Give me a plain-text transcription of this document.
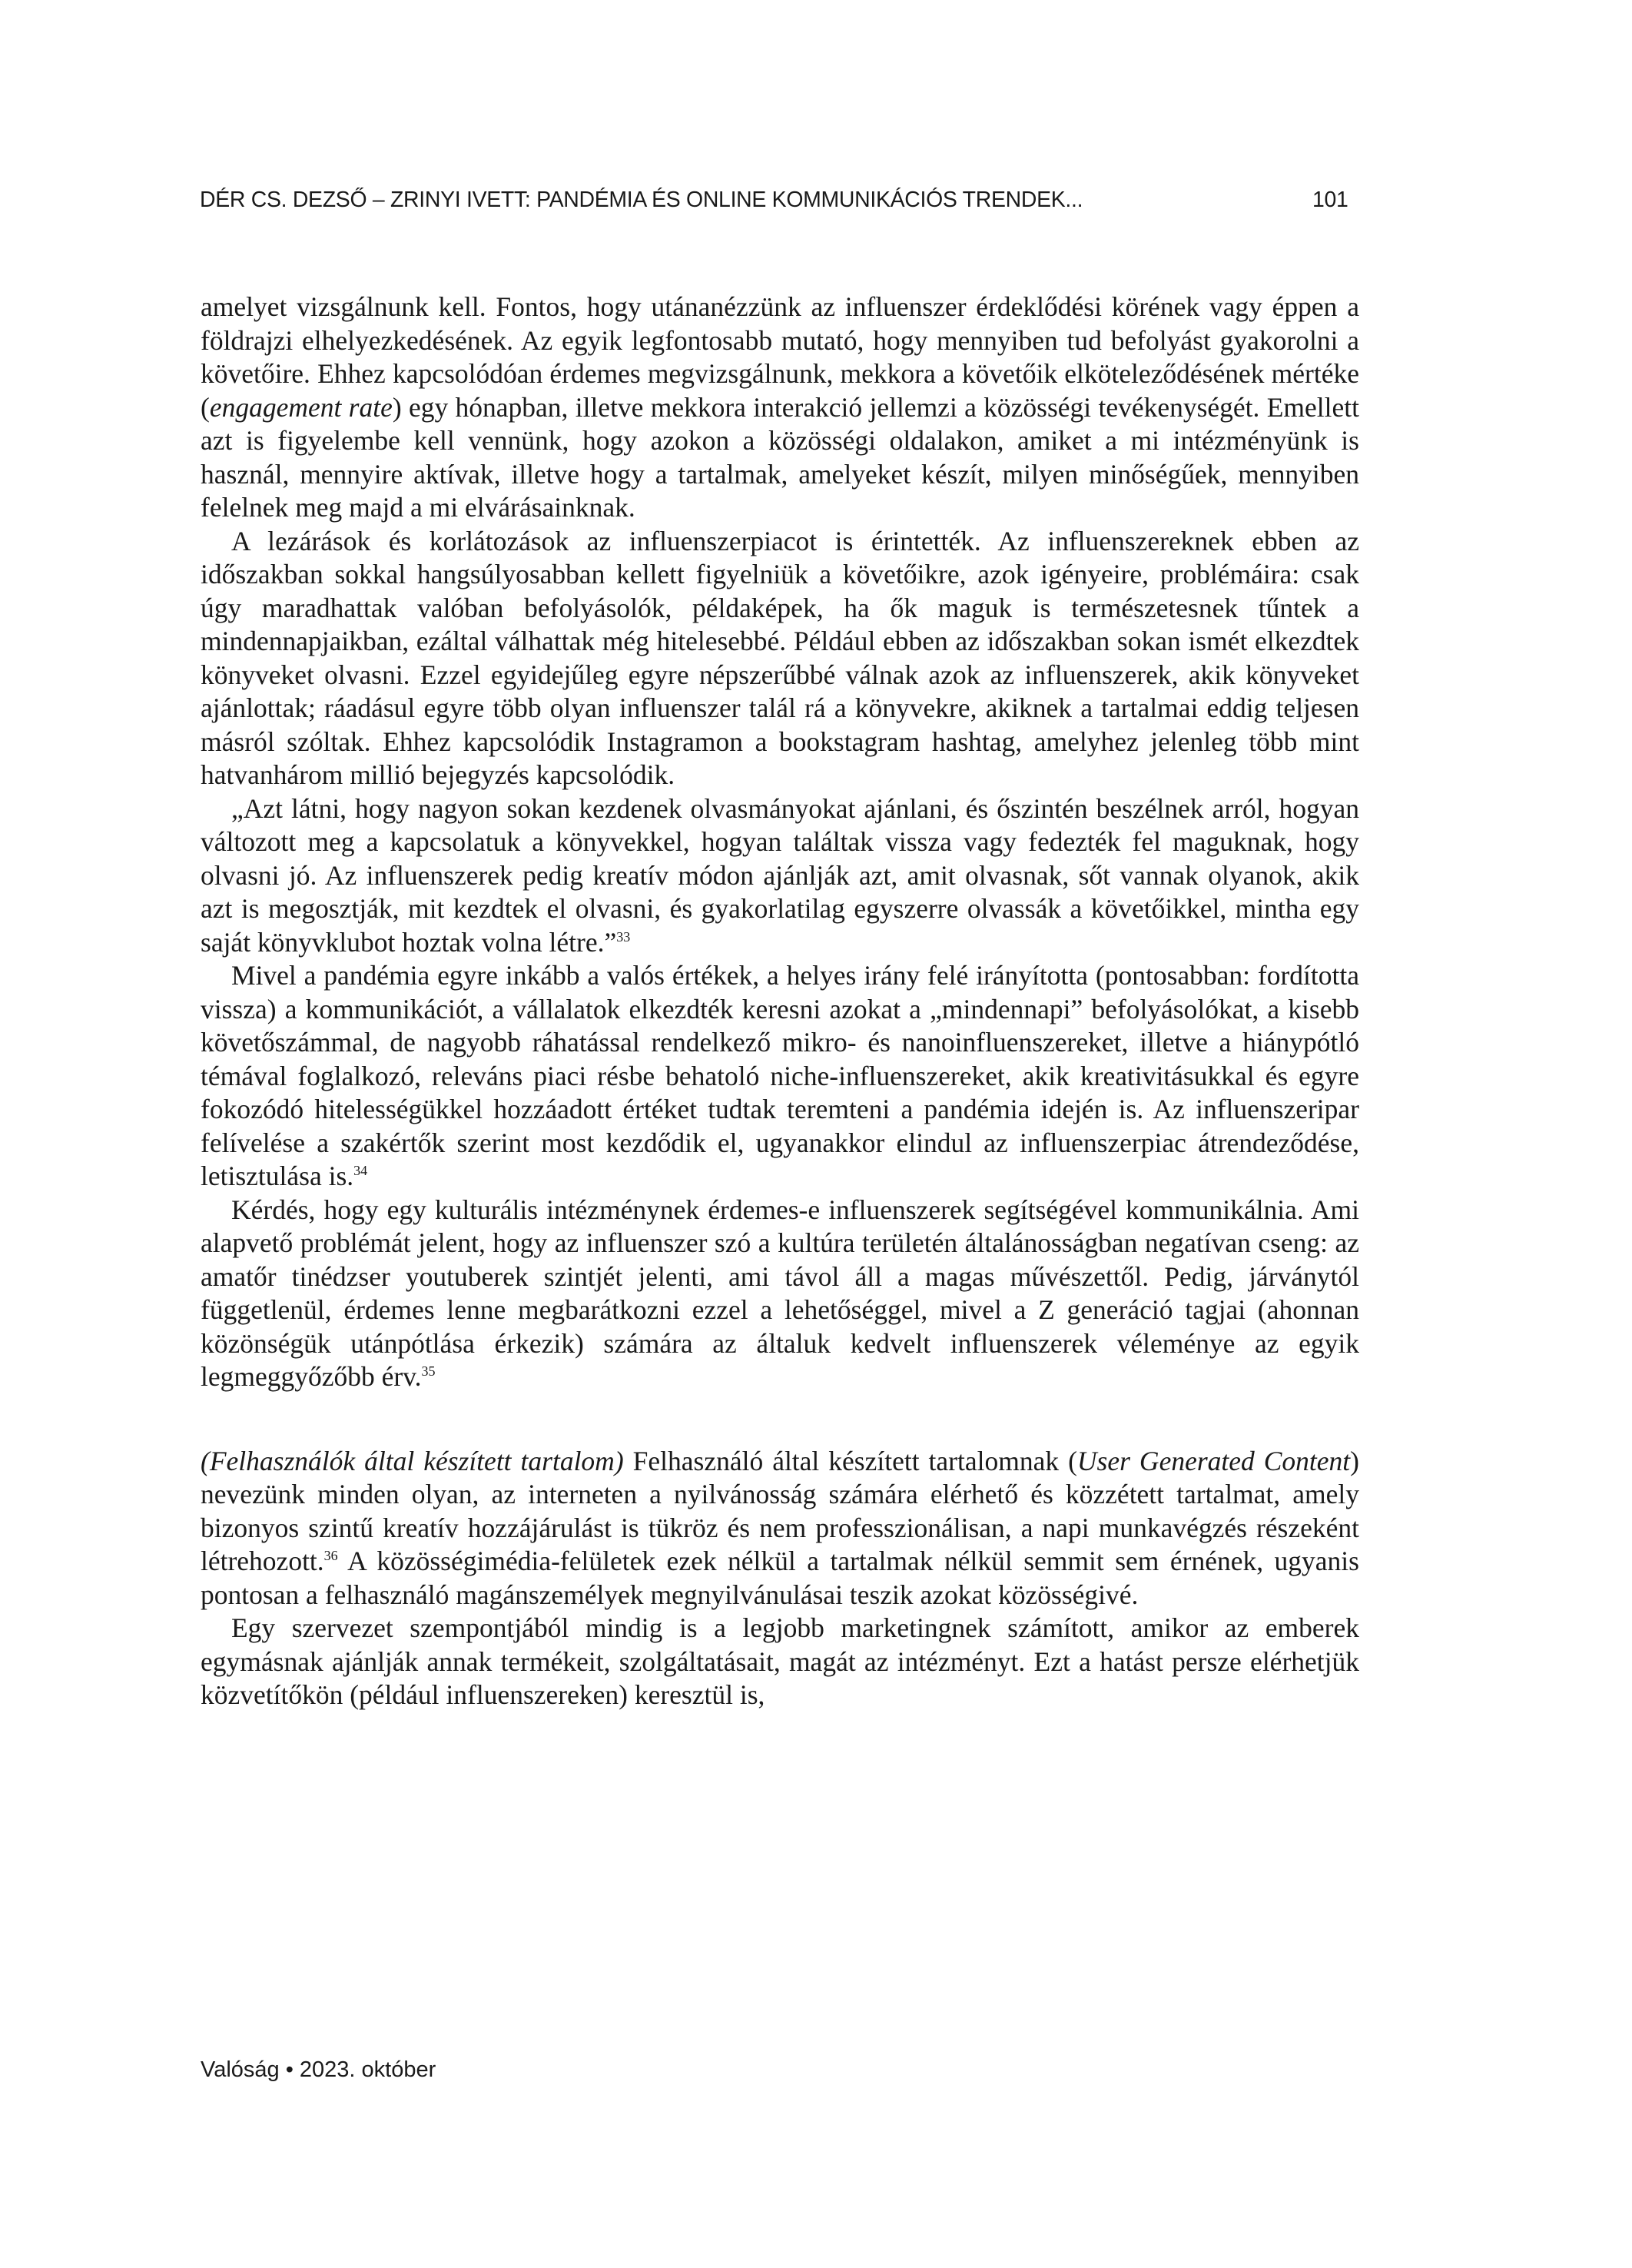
DÉR CS. DEZSŐ – ZRINYI IVETT: PANDÉMIA ÉS ONLINE KOMMUNIKÁCIÓS TRENDEK...	101

amelyet vizsgálnunk kell. Fontos, hogy utánanézzünk az influenszer érdeklődési körének vagy éppen a földrajzi elhelyezkedésének. Az egyik legfontosabb mutató, hogy mennyiben tud befolyást gyakorolni a követőire. Ehhez kapcsolódóan érdemes megvizsgálnunk, mekkora a követőik elköteleződésének mértéke (engagement rate) egy hónapban, illetve mekkora interakció jellemzi a közösségi tevékenységét. Emellett azt is figyelembe kell vennünk, hogy azokon a közösségi oldalakon, amiket a mi intézményünk is használ, mennyire aktívak, illetve hogy a tartalmak, amelyeket készít, milyen minőségűek, mennyiben felelnek meg majd a mi elvárásainknak.

A lezárások és korlátozások az influenszerpiacot is érintették. Az influenszereknek ebben az időszakban sokkal hangsúlyosabban kellett figyelniük a követőikre, azok igényeire, problémáira: csak úgy maradhattak valóban befolyásolók, példaképek, ha ők maguk is természetesnek tűntek a mindennapjaikban, ezáltal válhattak még hitelesebbé. Például ebben az időszakban sokan ismét elkezdtek könyveket olvasni. Ezzel egyidejűleg egyre népszerűbbé válnak azok az influenszerek, akik könyveket ajánlottak; ráadásul egyre több olyan influenszer talál rá a könyvekre, akiknek a tartalmai eddig teljesen másról szóltak. Ehhez kapcsolódik Instagramon a bookstagram hashtag, amelyhez jelenleg több mint hatvanhárom millió bejegyzés kapcsolódik.

„Azt látni, hogy nagyon sokan kezdenek olvasmányokat ajánlani, és őszintén beszélnek arról, hogyan változott meg a kapcsolatuk a könyvekkel, hogyan találtak vissza vagy fedezték fel maguknak, hogy olvasni jó. Az influenszerek pedig kreatív módon ajánlják azt, amit olvasnak, sőt vannak olyanok, akik azt is megosztják, mit kezdtek el olvasni, és gyakorlatilag egyszerre olvassák a követőikkel, mintha egy saját könyvklubot hoztak volna létre.”$^{33}$

Mivel a pandémia egyre inkább a valós értékek, a helyes irány felé irányította (pontosabban: fordította vissza) a kommunikációt, a vállalatok elkezdték keresni azokat a „mindennapi” befolyásolókat, a kisebb követőszámmal, de nagyobb ráhatással rendelkező mikro- és nanoinfluenszereket, illetve a hiánypótló témával foglalkozó, releváns piaci résbe behatoló niche-influenszereket, akik kreativitásukkal és egyre fokozódó hitelességükkel hozzáadott értéket tudtak teremteni a pandémia idején is. Az influenszeripar felívelése a szakértők szerint most kezdődik el, ugyanakkor elindul az influenszerpiac átrendeződése, letisztulása is.$^{34}$

Kérdés, hogy egy kulturális intézménynek érdemes-e influenszerek segítségével kommunikálnia. Ami alapvető problémát jelent, hogy az influenszer szó a kultúra területén általánosságban negatívan cseng: az amatőr tinédzser youtuberek szintjét jelenti, ami távol áll a magas művészettől. Pedig, járványtól függetlenül, érdemes lenne megbarátkozni ezzel a lehetőséggel, mivel a Z generáció tagjai (ahonnan közönségük utánpótlása érkezik) számára az általuk kedvelt influenszerek véleménye az egyik legmeggyőzőbb érv.$^{35}$

(Felhasználók által készített tartalom) Felhasználó által készített tartalomnak (User Generated Content) nevezünk minden olyan, az interneten a nyilvánosság számára elérhető és közzétett tartalmat, amely bizonyos szintű kreatív hozzájárulást is tükröz és nem professzionálisan, a napi munkavégzés részeként létrehozott.$^{36}$ A közösségimédia-felületek ezek nélkül a tartalmak nélkül semmit sem érnének, ugyanis pontosan a felhasználó magánszemélyek megnyilvánulásai teszik azokat közösségivé.

Egy szervezet szempontjából mindig is a legjobb marketingnek számított, amikor az emberek egymásnak ajánlják annak termékeit, szolgáltatásait, magát az intézményt. Ezt a hatást persze elérhetjük közvetítőkön (például influenszereken) keresztül is,

Valóság • 2023. október
